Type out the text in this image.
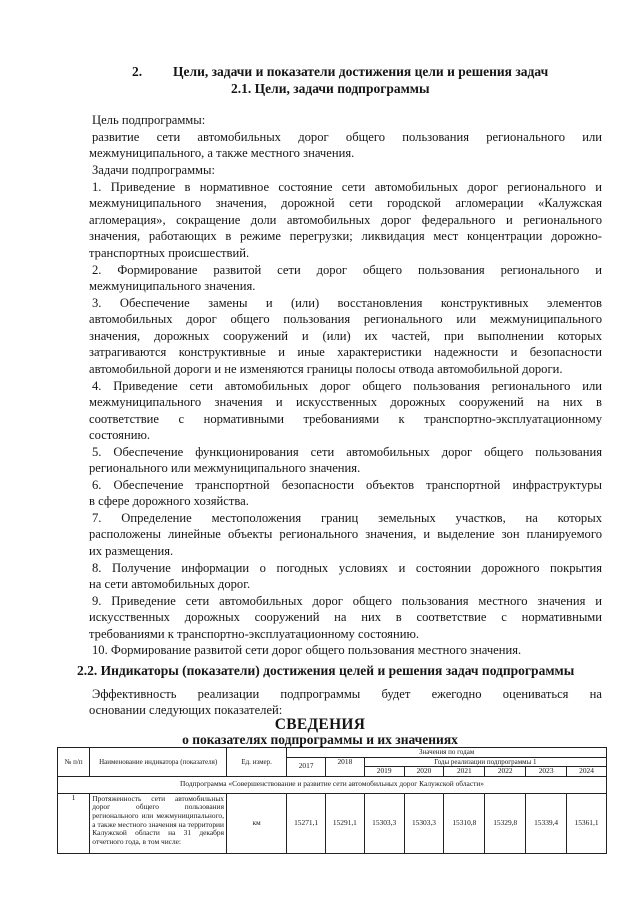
2. Цели, задачи и показатели достижения цели и решения задач
2.1. Цели, задачи подпрограммы
Цель подпрограммы:
развитие сети автомобильных дорог общего пользования регионального или
межмуниципального, а также местного значения.
Задачи подпрограммы:
1. Приведение в нормативное состояние сети автомобильных дорог регионального и
межмуниципального значения, дорожной сети городской агломерации «Калужская
агломерация», сокращение доли автомобильных дорог федерального и регионального
значения, работающих в режиме перегрузки; ликвидация мест концентрации дорожно-
транспортных происшествий.
2. Формирование развитой сети дорог общего пользования регионального и
межмуниципального значения.
3. Обеспечение замены и (или) восстановления конструктивных элементов
автомобильных дорог общего пользования регионального или межмуниципального
значения, дорожных сооружений и (или) их частей, при выполнении которых
затрагиваются конструктивные и иные характеристики надежности и безопасности
автомобильной дороги и не изменяются границы полосы отвода автомобильной дороги.
4. Приведение сети автомобильных дорог общего пользования регионального или
межмуниципального значения и искусственных дорожных сооружений на них в
соответствие с нормативными требованиями к транспортно-эксплуатационному
состоянию.
5. Обеспечение функционирования сети автомобильных дорог общего пользования
регионального или межмуниципального значения.
6. Обеспечение транспортной безопасности объектов транспортной инфраструктуры
в сфере дорожного хозяйства.
7. Определение местоположения границ земельных участков, на которых
расположены линейные объекты регионального значения, и выделение зон планируемого
их размещения.
8. Получение информации о погодных условиях и состоянии дорожного покрытия
на сети автомобильных дорог.
9. Приведение сети автомобильных дорог общего пользования местного значения и
искусственных дорожных сооружений на них в соответствие с нормативными
требованиями к транспортно-эксплуатационному состоянию.
10. Формирование развитой сети дорог общего пользования местного значения.
Эффективность реализации подпрограммы будет ежегодно оцениваться на
основании следующих показателей:
2.2. Индикаторы (показатели) достижения целей и решения задач подпрограммы
СВЕДЕНИЯ
о показателях подпрограммы и их значениях
№ п/п	Наименование индикатора (показателя)	Ед. измер.	Значения по годам							
			2017	2018	Годы реализации подпрограммы 1					
					2019	2020	2021	2022	2023	2024
Подпрограмма «Совершенствование и развитие сети автомобильных дорог Калужской области»										
1	Протяженность сети автомобильных дорог общего пользования регионального или межмуниципального, а также местного значения на территории Калужской области на 31 декабря отчетного года, в том числе:	км	15271,1	15291,1	15303,3	15303,3	15310,8	15329,8	15339,4	15361,1
